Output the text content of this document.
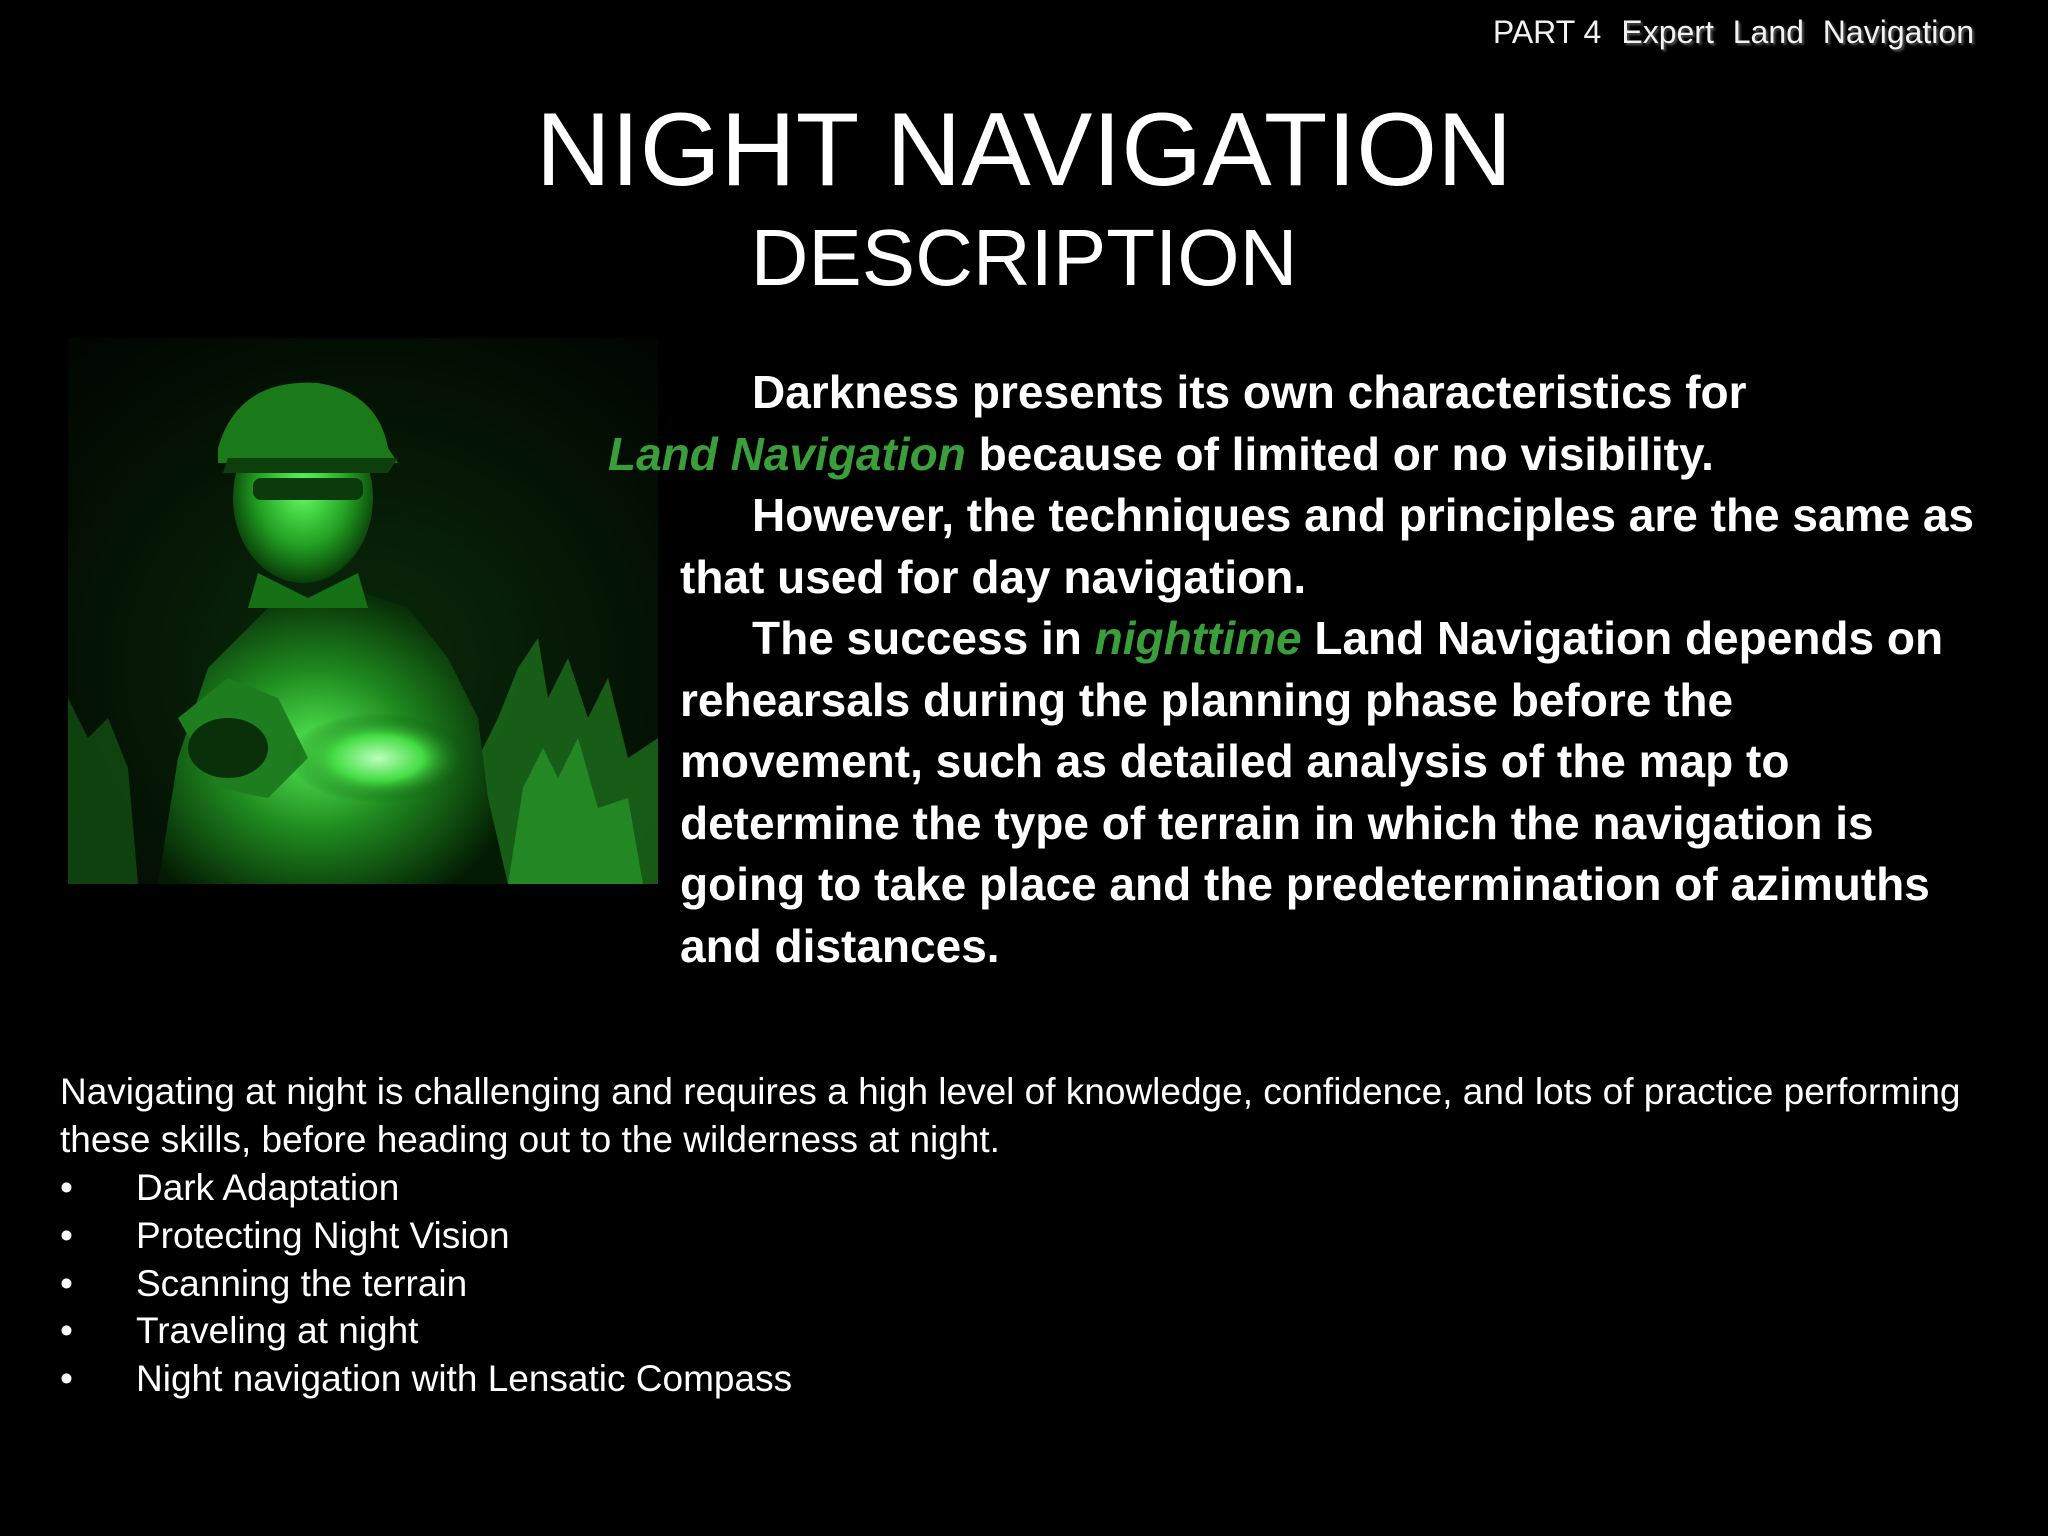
PART 4 Expert Land Navigation
NIGHT NAVIGATION
DESCRIPTION

Darkness presents its own characteristics for
Land Navigation because of limited or no visibility.

However, the techniques and principles are the same as that used for day navigation.

The success in nighttime Land Navigation depends on rehearsals during the planning phase before the movement, such as detailed analysis of the map to determine the type of terrain in which the navigation is going to take place and the predetermination of azimuths and distances.

Navigating at night is challenging and requires a high level of knowledge, confidence, and lots of practice performing these skills, before heading out to the wilderness at night.

•	Dark Adaptation
•	Protecting Night Vision
•	Scanning the terrain
•	Traveling at night
•	Night navigation with Lensatic Compass
